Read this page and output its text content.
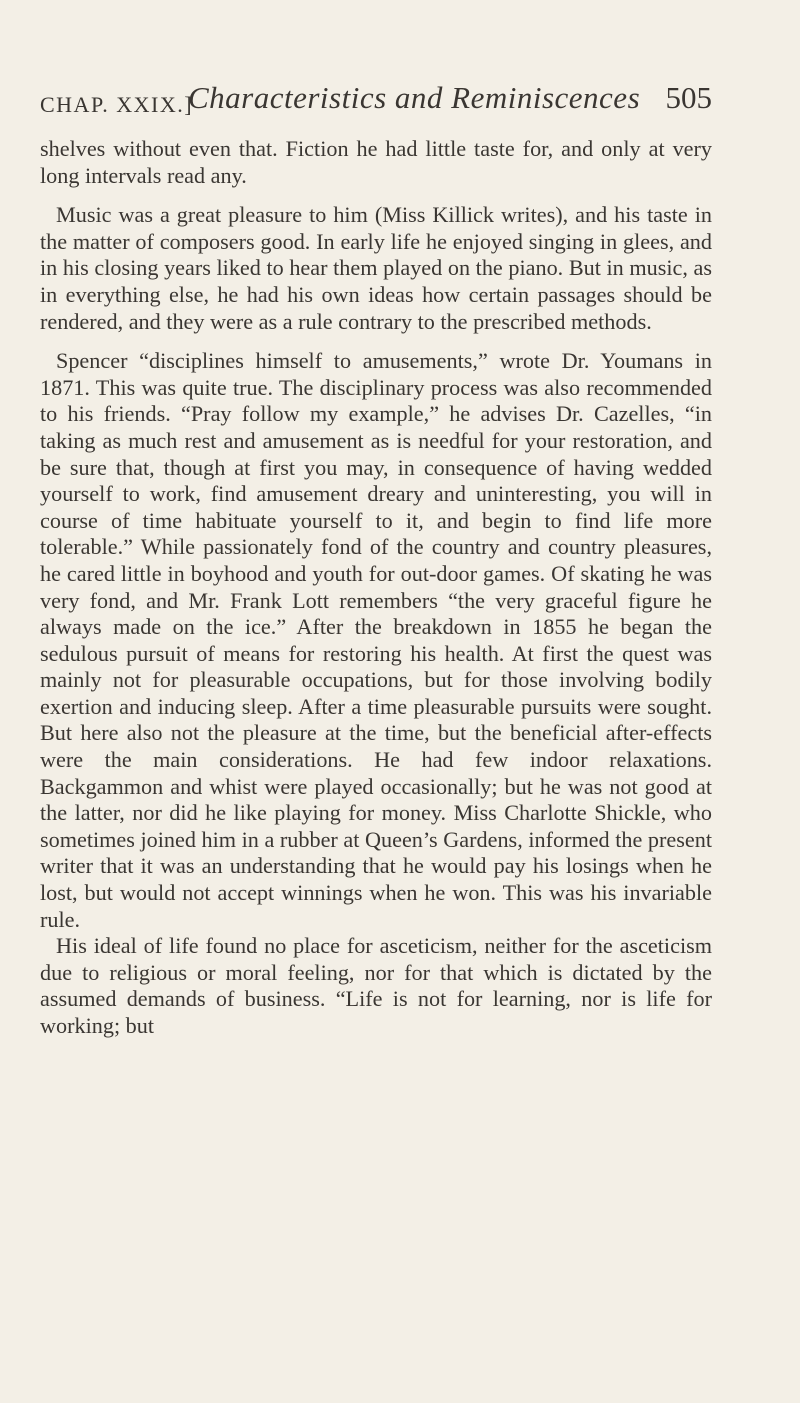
CHAP. XXIX.]
Characteristics and Reminiscences 505

shelves without even that. Fiction he had little taste for, and only at very long intervals read any.

Music was a great pleasure to him (Miss Killick writes), and his taste in the matter of composers good. In early life he enjoyed singing in glees, and in his closing years liked to hear them played on the piano. But in music, as in everything else, he had his own ideas how certain passages should be rendered, and they were as a rule contrary to the prescribed methods.

Spencer “disciplines himself to amusements,” wrote Dr. Youmans in 1871. This was quite true. The disciplinary process was also recommended to his friends. “Pray follow my example,” he advises Dr. Cazelles, “in taking as much rest and amusement as is needful for your restoration, and be sure that, though at first you may, in consequence of having wedded yourself to work, find amusement dreary and uninteresting, you will in course of time habituate yourself to it, and begin to find life more tolerable.” While passionately fond of the country and country pleasures, he cared little in boyhood and youth for out-door games. Of skating he was very fond, and Mr. Frank Lott remembers “the very graceful figure he always made on the ice.” After the breakdown in 1855 he began the sedulous pursuit of means for restoring his health. At first the quest was mainly not for pleasurable occupations, but for those involving bodily exertion and inducing sleep. After a time pleasurable pursuits were sought. But here also not the pleasure at the time, but the beneficial after-effects were the main considerations. He had few indoor relaxations. Backgammon and whist were played occasionally; but he was not good at the latter, nor did he like playing for money. Miss Charlotte Shickle, who sometimes joined him in a rubber at Queen’s Gardens, informed the present writer that it was an understanding that he would pay his losings when he lost, but would not accept winnings when he won. This was his invariable rule.

His ideal of life found no place for asceticism, neither for the asceticism due to religious or moral feeling, nor for that which is dictated by the assumed demands of business. “Life is not for learning, nor is life for working; but
